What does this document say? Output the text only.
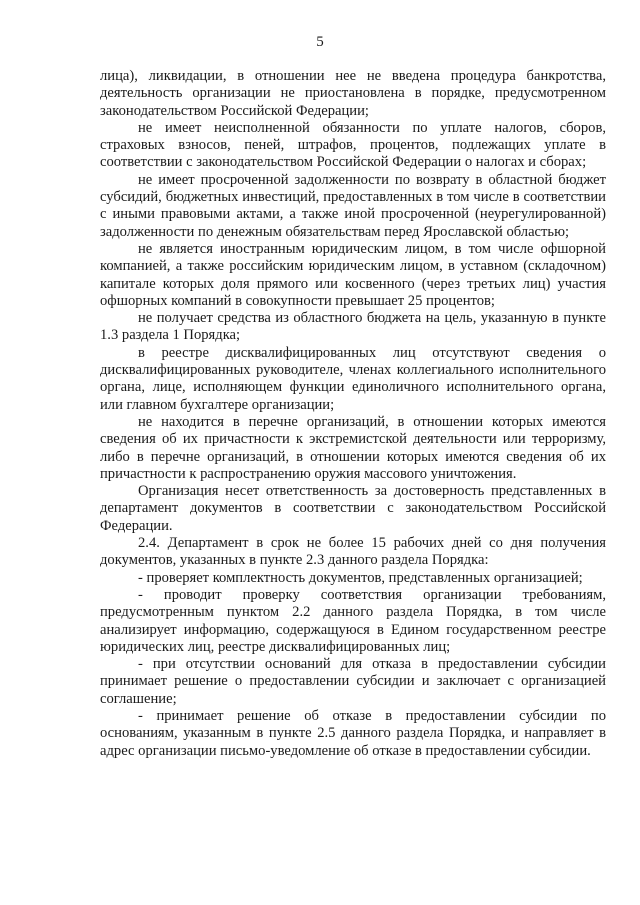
5

лица), ликвидации, в отношении нее не введена процедура банкротства, деятельность организации не приостановлена в порядке, предусмотренном законодательством Российской Федерации;

не имеет неисполненной обязанности по уплате налогов, сборов, страховых взносов, пеней, штрафов, процентов, подлежащих уплате в соответствии с законодательством Российской Федерации о налогах и сборах;

не имеет просроченной задолженности по возврату в областной бюджет субсидий, бюджетных инвестиций, предоставленных в том числе в соответствии с иными правовыми актами, а также иной просроченной (неурегулированной) задолженности по денежным обязательствам перед Ярославской областью;

не является иностранным юридическим лицом, в том числе офшорной компанией, а также российским юридическим лицом, в уставном (складочном) капитале которых доля прямого или косвенного (через третьих лиц) участия офшорных компаний в совокупности превышает 25 процентов;

не получает средства из областного бюджета на цель, указанную в пункте 1.3 раздела 1 Порядка;

в реестре дисквалифицированных лиц отсутствуют сведения о дисквалифицированных руководителе, членах коллегиального исполнительного органа, лице, исполняющем функции единоличного исполнительного органа, или главном бухгалтере организации;

не находится в перечне организаций, в отношении которых имеются сведения об их причастности к экстремистской деятельности или терроризму, либо в перечне организаций, в отношении которых имеются сведения об их причастности к распространению оружия массового уничтожения.

Организация несет ответственность за достоверность представленных в департамент документов в соответствии с законодательством Российской Федерации.

2.4. Департамент в срок не более 15 рабочих дней со дня получения документов, указанных в пункте 2.3 данного раздела Порядка:

- проверяет комплектность документов, представленных организацией;

- проводит проверку соответствия организации требованиям, предусмотренным пунктом 2.2 данного раздела Порядка, в том числе анализирует информацию, содержащуюся в Едином государственном реестре юридических лиц, реестре дисквалифицированных лиц;

- при отсутствии оснований для отказа в предоставлении субсидии принимает решение о предоставлении субсидии и заключает с организацией соглашение;

- принимает решение об отказе в предоставлении субсидии по основаниям, указанным в пункте 2.5 данного раздела Порядка, и направляет в адрес организации письмо-уведомление об отказе в предоставлении субсидии.
